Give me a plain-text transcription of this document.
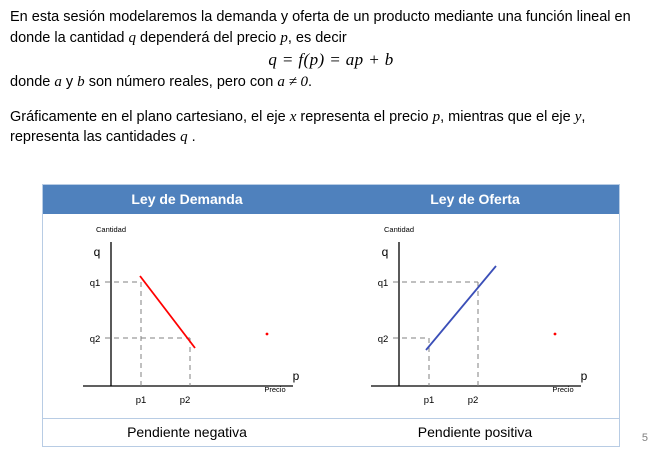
En esta sesión modelaremos la demanda y oferta de un producto mediante una función lineal en donde la cantidad q dependerá del precio p, es decir

q = f(p) = ap + b

donde a y b son número reales, pero con a ≠ 0.

Gráficamente en el plano cartesiano, el eje x representa el precio p, mientras que el eje y, representa las cantidades q .

Ley de Demanda	Ley de Oferta
Cantidad
Precio
q
p
q1
q2
p1	p2
Cantidad
Precio
q
p
q1
q2
p1	p2
Pendiente negativa	Pendiente positiva	5
